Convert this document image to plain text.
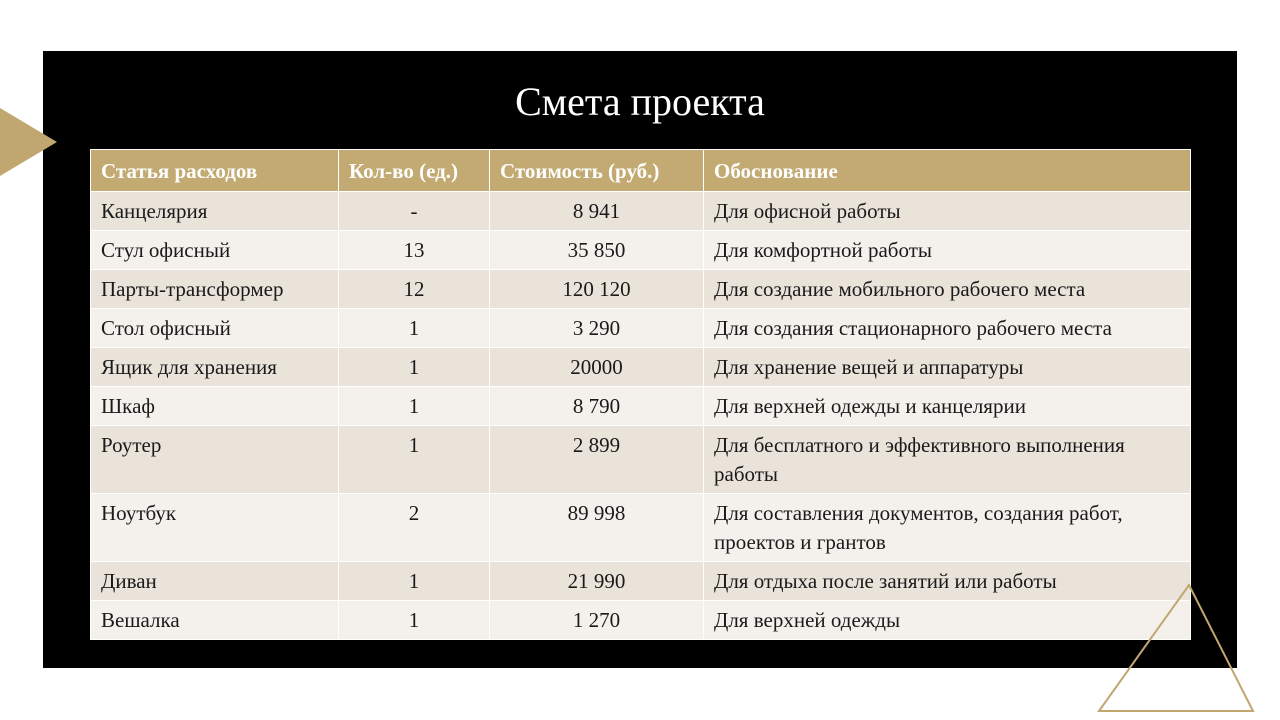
Смета проекта
Статья расходов	Кол-во (ед.)	Стоимость (руб.)	Обоснование
Канцелярия	-	8 941	Для офисной работы
Стул офисный	13	35 850	Для комфортной работы
Парты-трансформер	12	120 120	Для создание мобильного рабочего места
Стол офисный	1	3 290	Для создания стационарного рабочего места
Ящик для хранения	1	20000	Для хранение вещей и аппаратуры
Шкаф	1	8 790	Для верхней одежды и канцелярии
Роутер	1	2 899	Для бесплатного и эффективного выполнения работы
Ноутбук	2	89 998	Для составления документов, создания работ, проектов и грантов
Диван	1	21 990	Для отдыха после занятий или работы
Вешалка	1	1 270	Для верхней одежды
